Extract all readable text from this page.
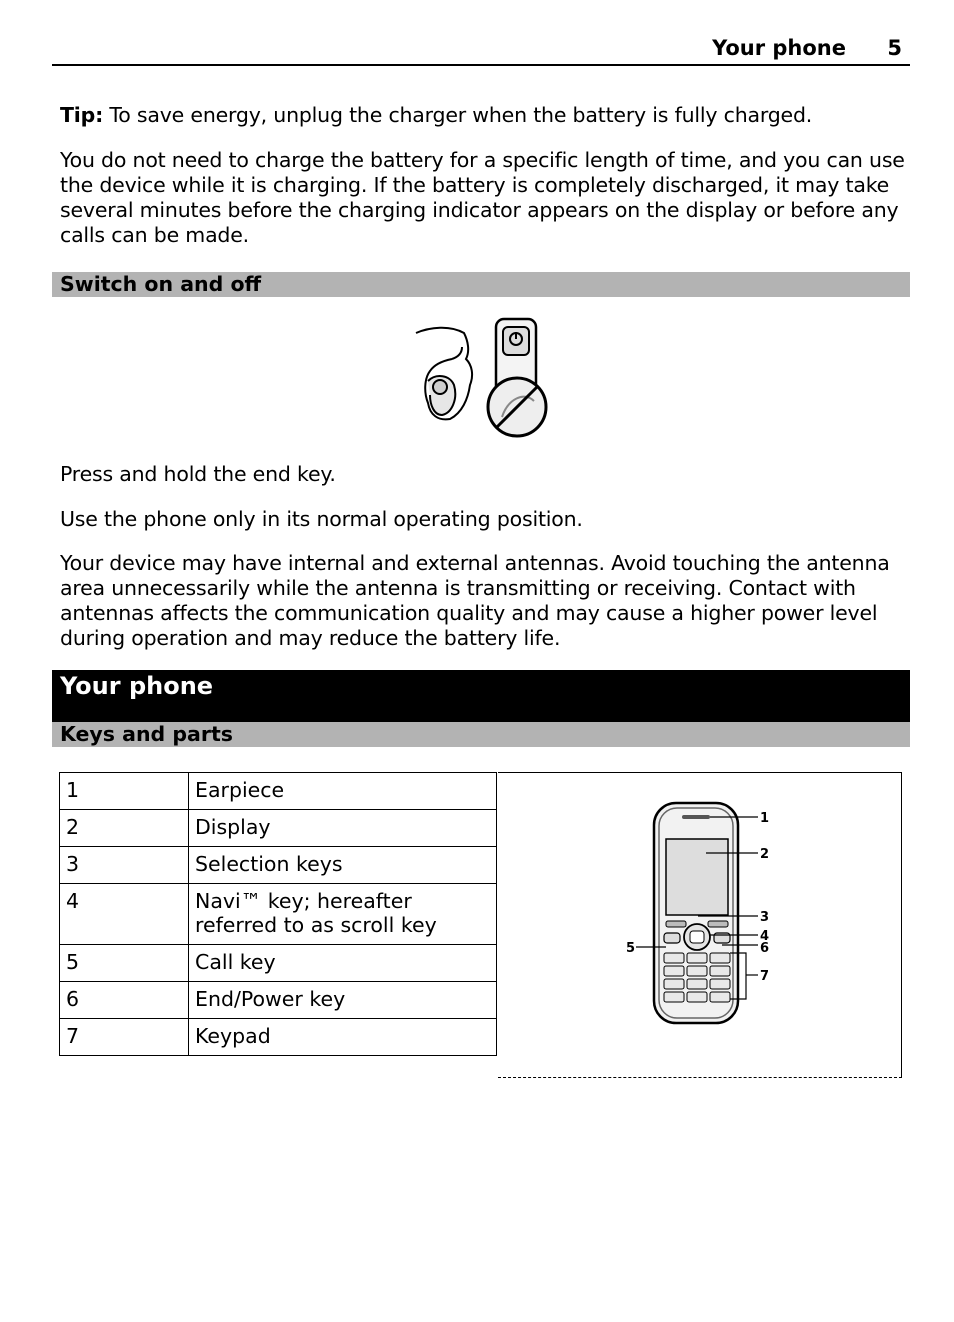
Your phone 5

Tip: To save energy, unplug the charger when the battery is fully charged.

You do not need to charge the battery for a specific length of time, and you can use the device while it is charging. If the battery is completely discharged, it may take several minutes before the charging indicator appears on the display or before any calls can be made.

Switch on and off

Press and hold the end key.

Use the phone only in its normal operating position.

Your device may have internal and external antennas. Avoid touching the antenna area unnecessarily while the antenna is transmitting or receiving. Contact with antennas affects the communication quality and may cause a higher power level during operation and may reduce the battery life.

Your phone
Keys and parts
1	Earpiece
2	Display
3	Selection keys
4	Navi™ key; hereafter referred to as scroll key
5	Call key
6	End/Power key
7	Keypad
1
2
3
4
5	6
7
